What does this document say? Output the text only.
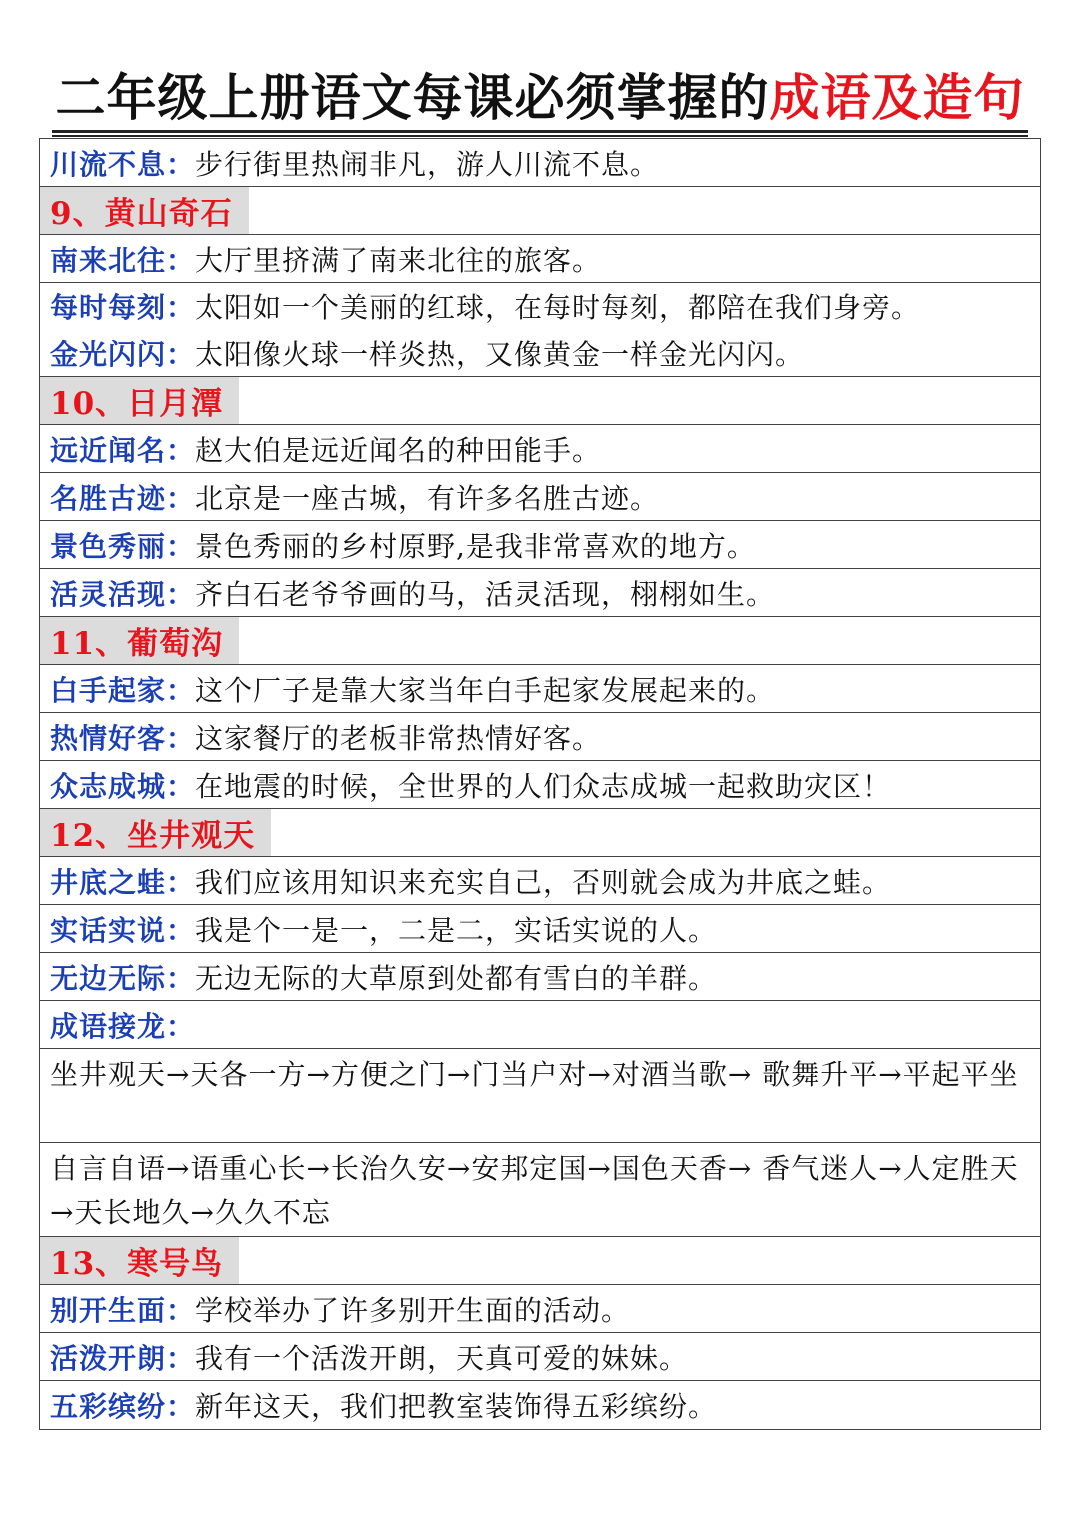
二年级上册语文每课必须掌握的成语及造句
川流不息： 步行街里热闹非凡，游人川流不息。
9、黄山奇石
南来北往： 大厅里挤满了南来北往的旅客。
每时每刻： 太阳如一个美丽的红球，在每时每刻，都陪在我们身旁。
金光闪闪： 太阳像火球一样炎热，又像黄金一样金光闪闪。
10、日月潭
远近闻名： 赵大伯是远近闻名的种田能手。
名胜古迹： 北京是一座古城，有许多名胜古迹。
景色秀丽： 景色秀丽的乡村原野,是我非常喜欢的地方。
活灵活现： 齐白石老爷爷画的马，活灵活现，栩栩如生。
11、葡萄沟
白手起家： 这个厂子是靠大家当年白手起家发展起来的。
热情好客： 这家餐厅的老板非常热情好客。
众志成城： 在地震的时候，全世界的人们众志成城一起救助灾区！
12、坐井观天
井底之蛙： 我们应该用知识来充实自己，否则就会成为井底之蛙。
实话实说： 我是个一是一，二是二，实话实说的人。
无边无际： 无边无际的大草原到处都有雪白的羊群。
成语接龙：
坐井观天→天各一方→方便之门→门当户对→对酒当歌→ 歌舞升平→平起平坐
自言自语→语重心长→长治久安→安邦定国→国色天香→ 香气迷人→人定胜天→天长地久→久久不忘
13、寒号鸟
别开生面： 学校举办了许多别开生面的活动。
活泼开朗： 我有一个活泼开朗，天真可爱的妹妹。
五彩缤纷： 新年这天，我们把教室装饰得五彩缤纷。
